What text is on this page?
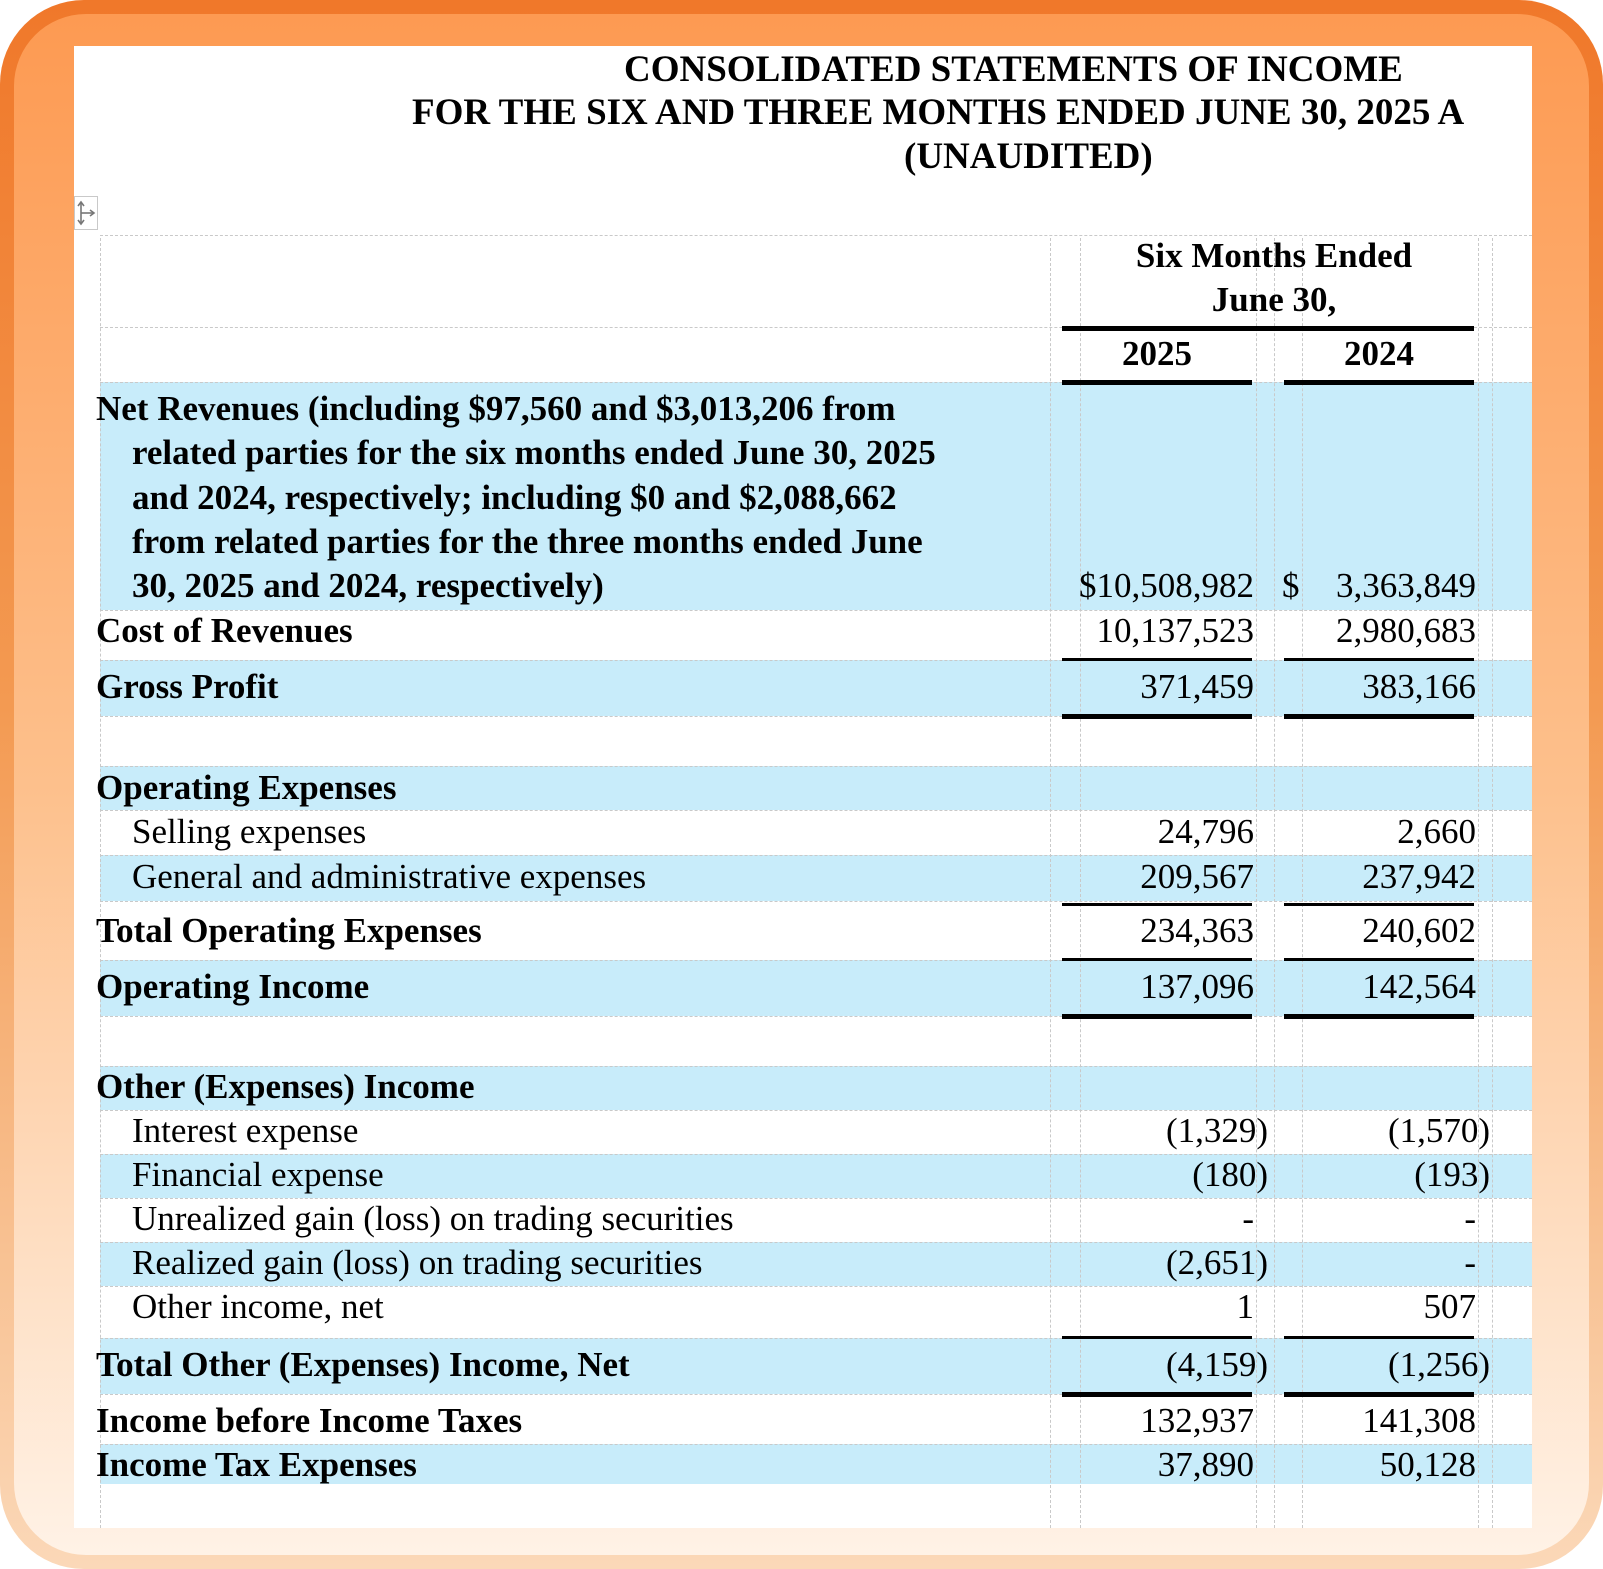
CONSOLIDATED STATEMENTS OF INCOME
FOR THE SIX AND THREE MONTHS ENDED JUNE 30, 2025 A
(UNAUDITED)
Six Months Ended
June 30,
2025	2024
Net Revenues (including $97,560 and $3,013,206 from
related parties for the six months ended June 30, 2025
and 2024, respectively; including $0 and $2,088,662
from related parties for the three months ended June
30, 2025 and 2024, respectively)	$10,508,982 $	3,363,849
Cost of Revenues	10,137,523	2,980,683
Gross Profit	371,459	383,166
Operating Expenses
Selling expenses	24,796	2,660
General and administrative expenses	209,567	237,942
Total Operating Expenses	234,363	240,602
Operating Income	137,096	142,564
Other (Expenses) Income
Interest expense	(1,329)	(1,570)
Financial expense	(180)	(193)
Unrealized gain (loss) on trading securities	-	-
Realized gain (loss) on trading securities	(2,651)	-
Other income, net	1	507
Total Other (Expenses) Income, Net	(4,159)	(1,256)
Income before Income Taxes	132,937	141,308
Income Tax Expenses	37,890	50,128
